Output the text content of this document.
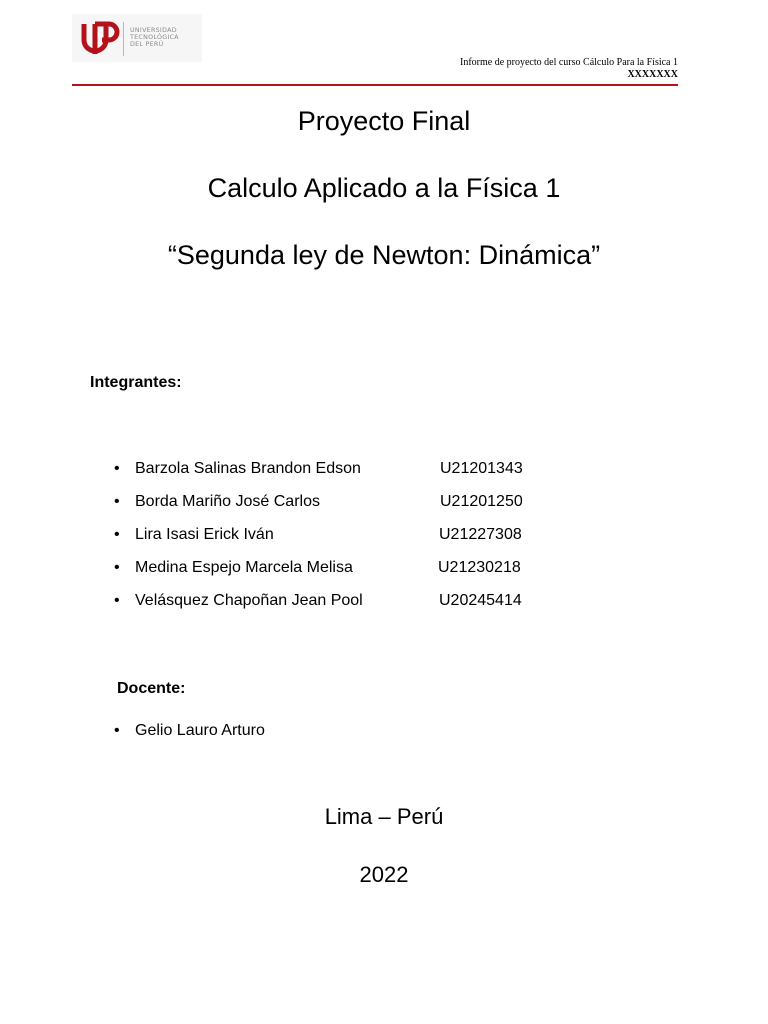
UNIVERSIDAD
TECNOLÓGICA
DEL PERÚ
Informe de proyecto del curso Cálculo Para la Física 1
XXXXXXX
Proyecto Final
Calculo Aplicado a la Física 1
“Segunda ley de Newton: Dinámica”
Integrantes:
• Barzola Salinas Brandon Edson	U21201343
• Borda Mariño José Carlos	U21201250
• Lira Isasi Erick Iván	U21227308
• Medina Espejo Marcela Melisa	U21230218
• Velásquez Chapoñan Jean Pool	U20245414
Docente:
• Gelio Lauro Arturo
Lima – Perú
2022
